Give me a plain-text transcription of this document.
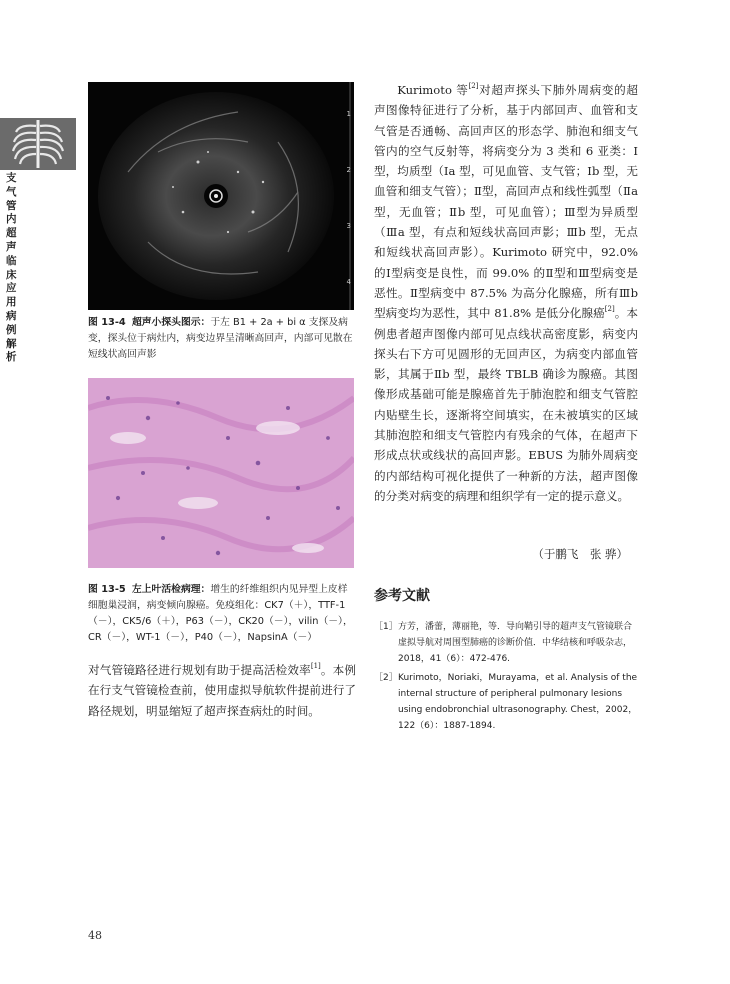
支气管内超声临床应用病例解析
1
2
3
4
图 13-4 超声小探头图示：于左 B1 + 2a + bi α 支探及病变，探头位于病灶内，病变边界呈清晰高回声，内部可见散在短线状高回声影
图 13-5 左上叶活检病理：增生的纤维组织内见异型上皮样细胞巢浸润，病变倾向腺癌。免疫组化：CK7（＋），TTF-1（－），CK5/6（＋），P63（－），CK20（－），vilin（－），CR（－），WT-1（－），P40（－），NapsinA（－）
对气管镜路径进行规划有助于提高活检效率[1]。本例在行支气管镜检查前，使用虚拟导航软件提前进行了路径规划，明显缩短了超声探查病灶的时间。
Kurimoto 等[2]对超声探头下肺外周病变的超声图像特征进行了分析，基于内部回声、血管和支气管是否通畅、高回声区的形态学、肺泡和细支气管内的空气反射等，将病变分为 3 类和 6 亚类：Ⅰ型，均质型（Ⅰa 型，可见血管、支气管；Ⅰb 型，无血管和细支气管）；Ⅱ型，高回声点和线性弧型（Ⅱa 型，无血管；Ⅱb 型，可见血管）；Ⅲ型为异质型（Ⅲa 型，有点和短线状高回声影；Ⅲb 型，无点和短线状高回声影）。Kurimoto 研究中，92.0% 的Ⅰ型病变是良性，而 99.0% 的Ⅱ型和Ⅲ型病变是恶性。Ⅱ型病变中 87.5% 为高分化腺癌，所有Ⅲb 型病变均为恶性，其中 81.8% 是低分化腺癌[2]。本例患者超声图像内部可见点线状高密度影，病变内探头右下方可见圆形的无回声区，为病变内部血管影，其属于Ⅱb 型，最终 TBLB 确诊为腺癌。其图像形成基础可能是腺癌首先于肺泡腔和细支气管腔内贴壁生长，逐渐将空间填实，在未被填实的区域其肺泡腔和细支气管腔内有残余的气体，在超声下形成点状或线状的高回声影。EBUS 为肺外周病变的内部结构可视化提供了一种新的方法，超声图像的分类对病变的病理和组织学有一定的提示意义。
（于鹏飞　张 骅）
参考文献
［1］ 方芳，潘蕾，薄丽艳，等．导向鞘引导的超声支气管镜联合虚拟导航对周围型肺癌的诊断价值．中华结核和呼吸杂志，2018，41（6）：472-476.
［2］ Kurimoto，Noriaki，Murayama，et al. Analysis of the internal structure of peripheral pulmonary lesions using endobronchial ultrasonography. Chest，2002，122（6）：1887-1894.
48
